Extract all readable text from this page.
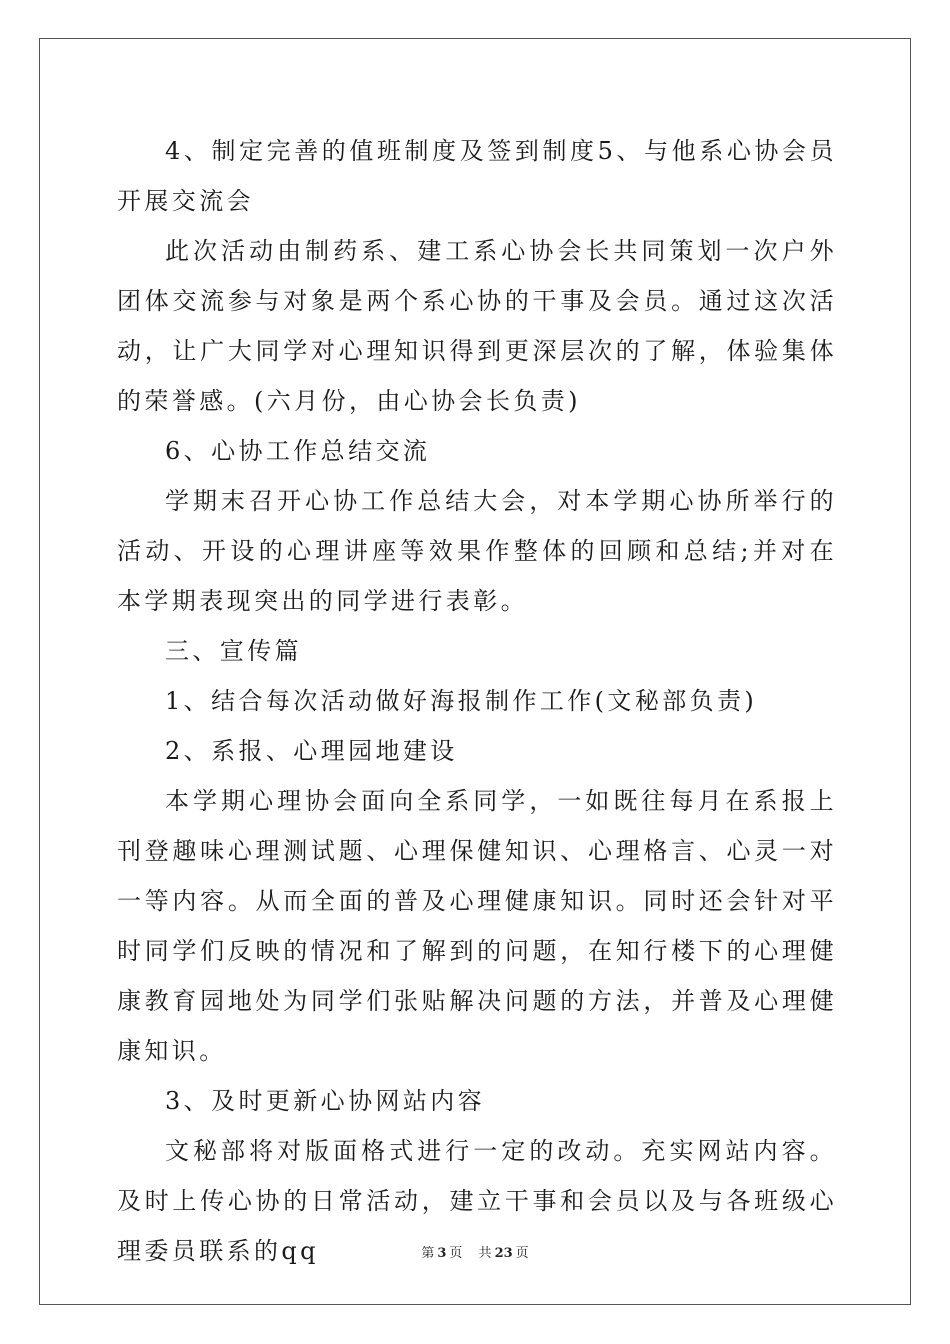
4、制定完善的值班制度及签到制度5、与他系心协会员开展交流会

此次活动由制药系、建工系心协会长共同策划一次户外团体交流参与对象是两个系心协的干事及会员。通过这次活动，让广大同学对心理知识得到更深层次的了解，体验集体的荣誉感。(六月份，由心协会长负责)

6、心协工作总结交流

学期末召开心协工作总结大会，对本学期心协所举行的活动、开设的心理讲座等效果作整体的回顾和总结;并对在本学期表现突出的同学进行表彰。

三、宣传篇

1、结合每次活动做好海报制作工作(文秘部负责)

2、系报、心理园地建设

本学期心理协会面向全系同学，一如既往每月在系报上刊登趣味心理测试题、心理保健知识、心理格言、心灵一对一等内容。从而全面的普及心理健康知识。同时还会针对平时同学们反映的情况和了解到的问题，在知行楼下的心理健康教育园地处为同学们张贴解决问题的方法，并普及心理健康知识。

3、及时更新心协网站内容

文秘部将对版面格式进行一定的改动。充实网站内容。及时上传心协的日常活动，建立干事和会员以及与各班级心理委员联系的qq	第 3 页 共 23 页
